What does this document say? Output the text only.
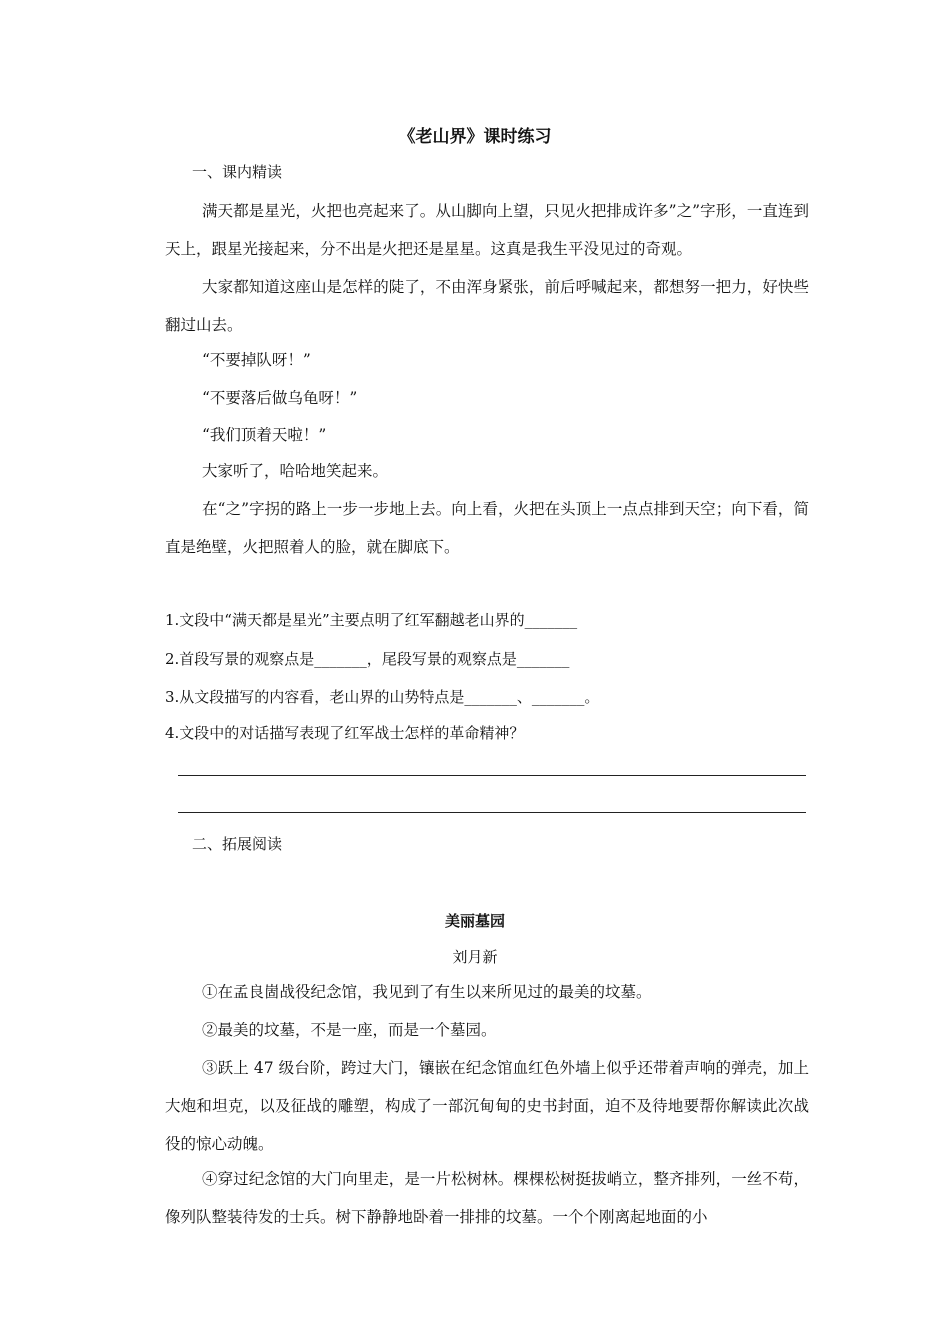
《老山界》课时练习
一、课内精读
满天都是星光，火把也亮起来了。从山脚向上望，只见火把排成许多”之”字形，一直连到天上，跟星光接起来，分不出是火把还是星星。这真是我生平没见过的奇观。
大家都知道这座山是怎样的陡了，不由浑身紧张，前后呼喊起来，都想努一把力，好快些翻过山去。
“不要掉队呀！”
“不要落后做乌龟呀！”
“我们顶着天啦！”
大家听了，哈哈地笑起来。
在“之”字拐的路上一步一步地上去。向上看，火把在头顶上一点点排到天空；向下看，简直是绝壁，火把照着人的脸，就在脚底下。
1.文段中“满天都是星光”主要点明了红军翻越老山界的_______
2.首段写景的观察点是_______，尾段写景的观察点是_______
3.从文段描写的内容看，老山界的山势特点是_______、_______。
4.文段中的对话描写表现了红军战士怎样的革命精神？
二、拓展阅读
美丽墓园
刘月新
①在孟良崮战役纪念馆，我见到了有生以来所见过的最美的坟墓。
②最美的坟墓，不是一座，而是一个墓园。
③跃上 47 级台阶，跨过大门，镶嵌在纪念馆血红色外墙上似乎还带着声响的弹壳，加上大炮和坦克，以及征战的雕塑，构成了一部沉甸甸的史书封面，迫不及待地要帮你解读此次战役的惊心动魄。
④穿过纪念馆的大门向里走，是一片松树林。棵棵松树挺拔峭立，整齐排列，一丝不苟，像列队整装待发的士兵。树下静静地卧着一排排的坟墓。一个个刚离起地面的小
